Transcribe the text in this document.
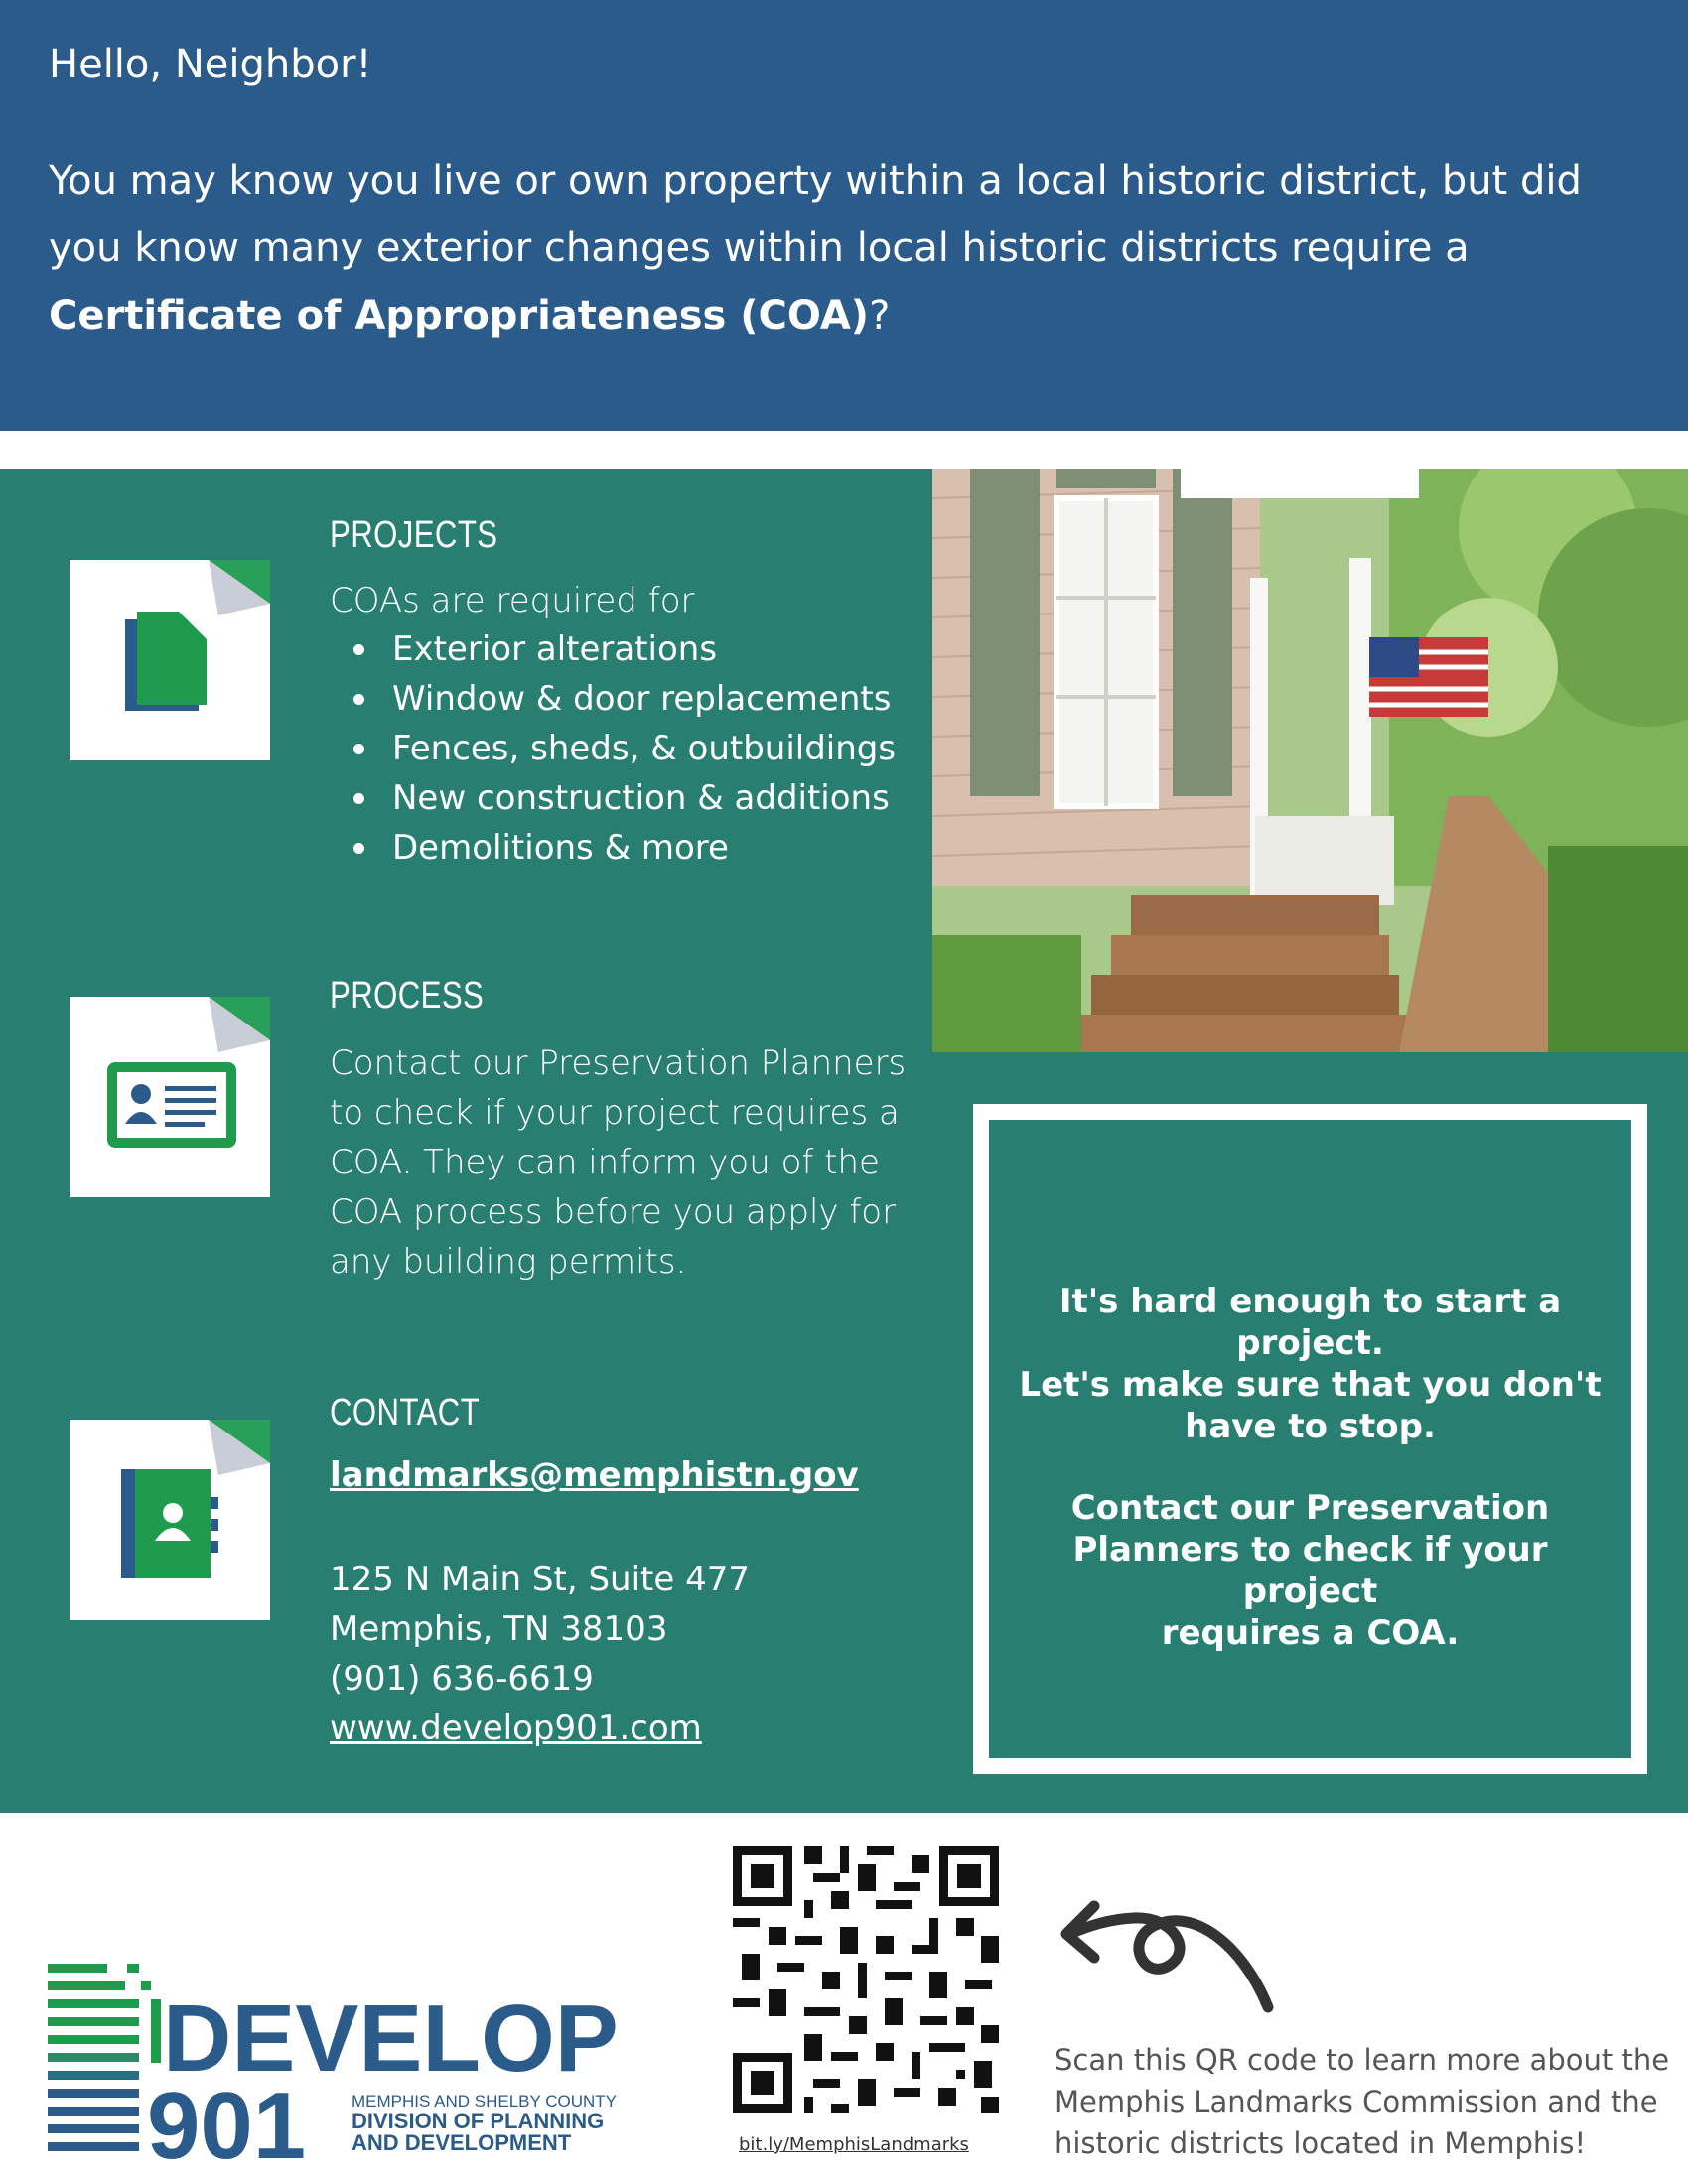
Hello, Neighbor!
You may know you live or own property within a local historic district, but did you know many exterior changes within local historic districts require a Certificate of Appropriateness (COA)?
PROJECTS
COAs are required for
Exterior alterations
Window & door replacements
Fences, sheds, & outbuildings
New construction & additions
Demolitions & more
PROCESS
Contact our Preservation Planners
to check if your project requires a
COA. They can inform you of the
COA process before you apply for
any building permits.
CONTACT
landmarks@memphistn.gov
125 N Main St, Suite 477
Memphis, TN 38103
(901) 636-6619
www.develop901.com
It's hard enough to start a project.
Let's make sure that you don't
have to stop.
Contact our Preservation
Planners to check if your project
requires a COA.
DEVELOP
901	MEMPHIS AND SHELBY COUNTY
DIVISION OF PLANNING
AND DEVELOPMENT	bit.ly/MemphisLandmarks
Scan this QR code to learn more about the
Memphis Landmarks Commission and the
historic districts located in Memphis!
